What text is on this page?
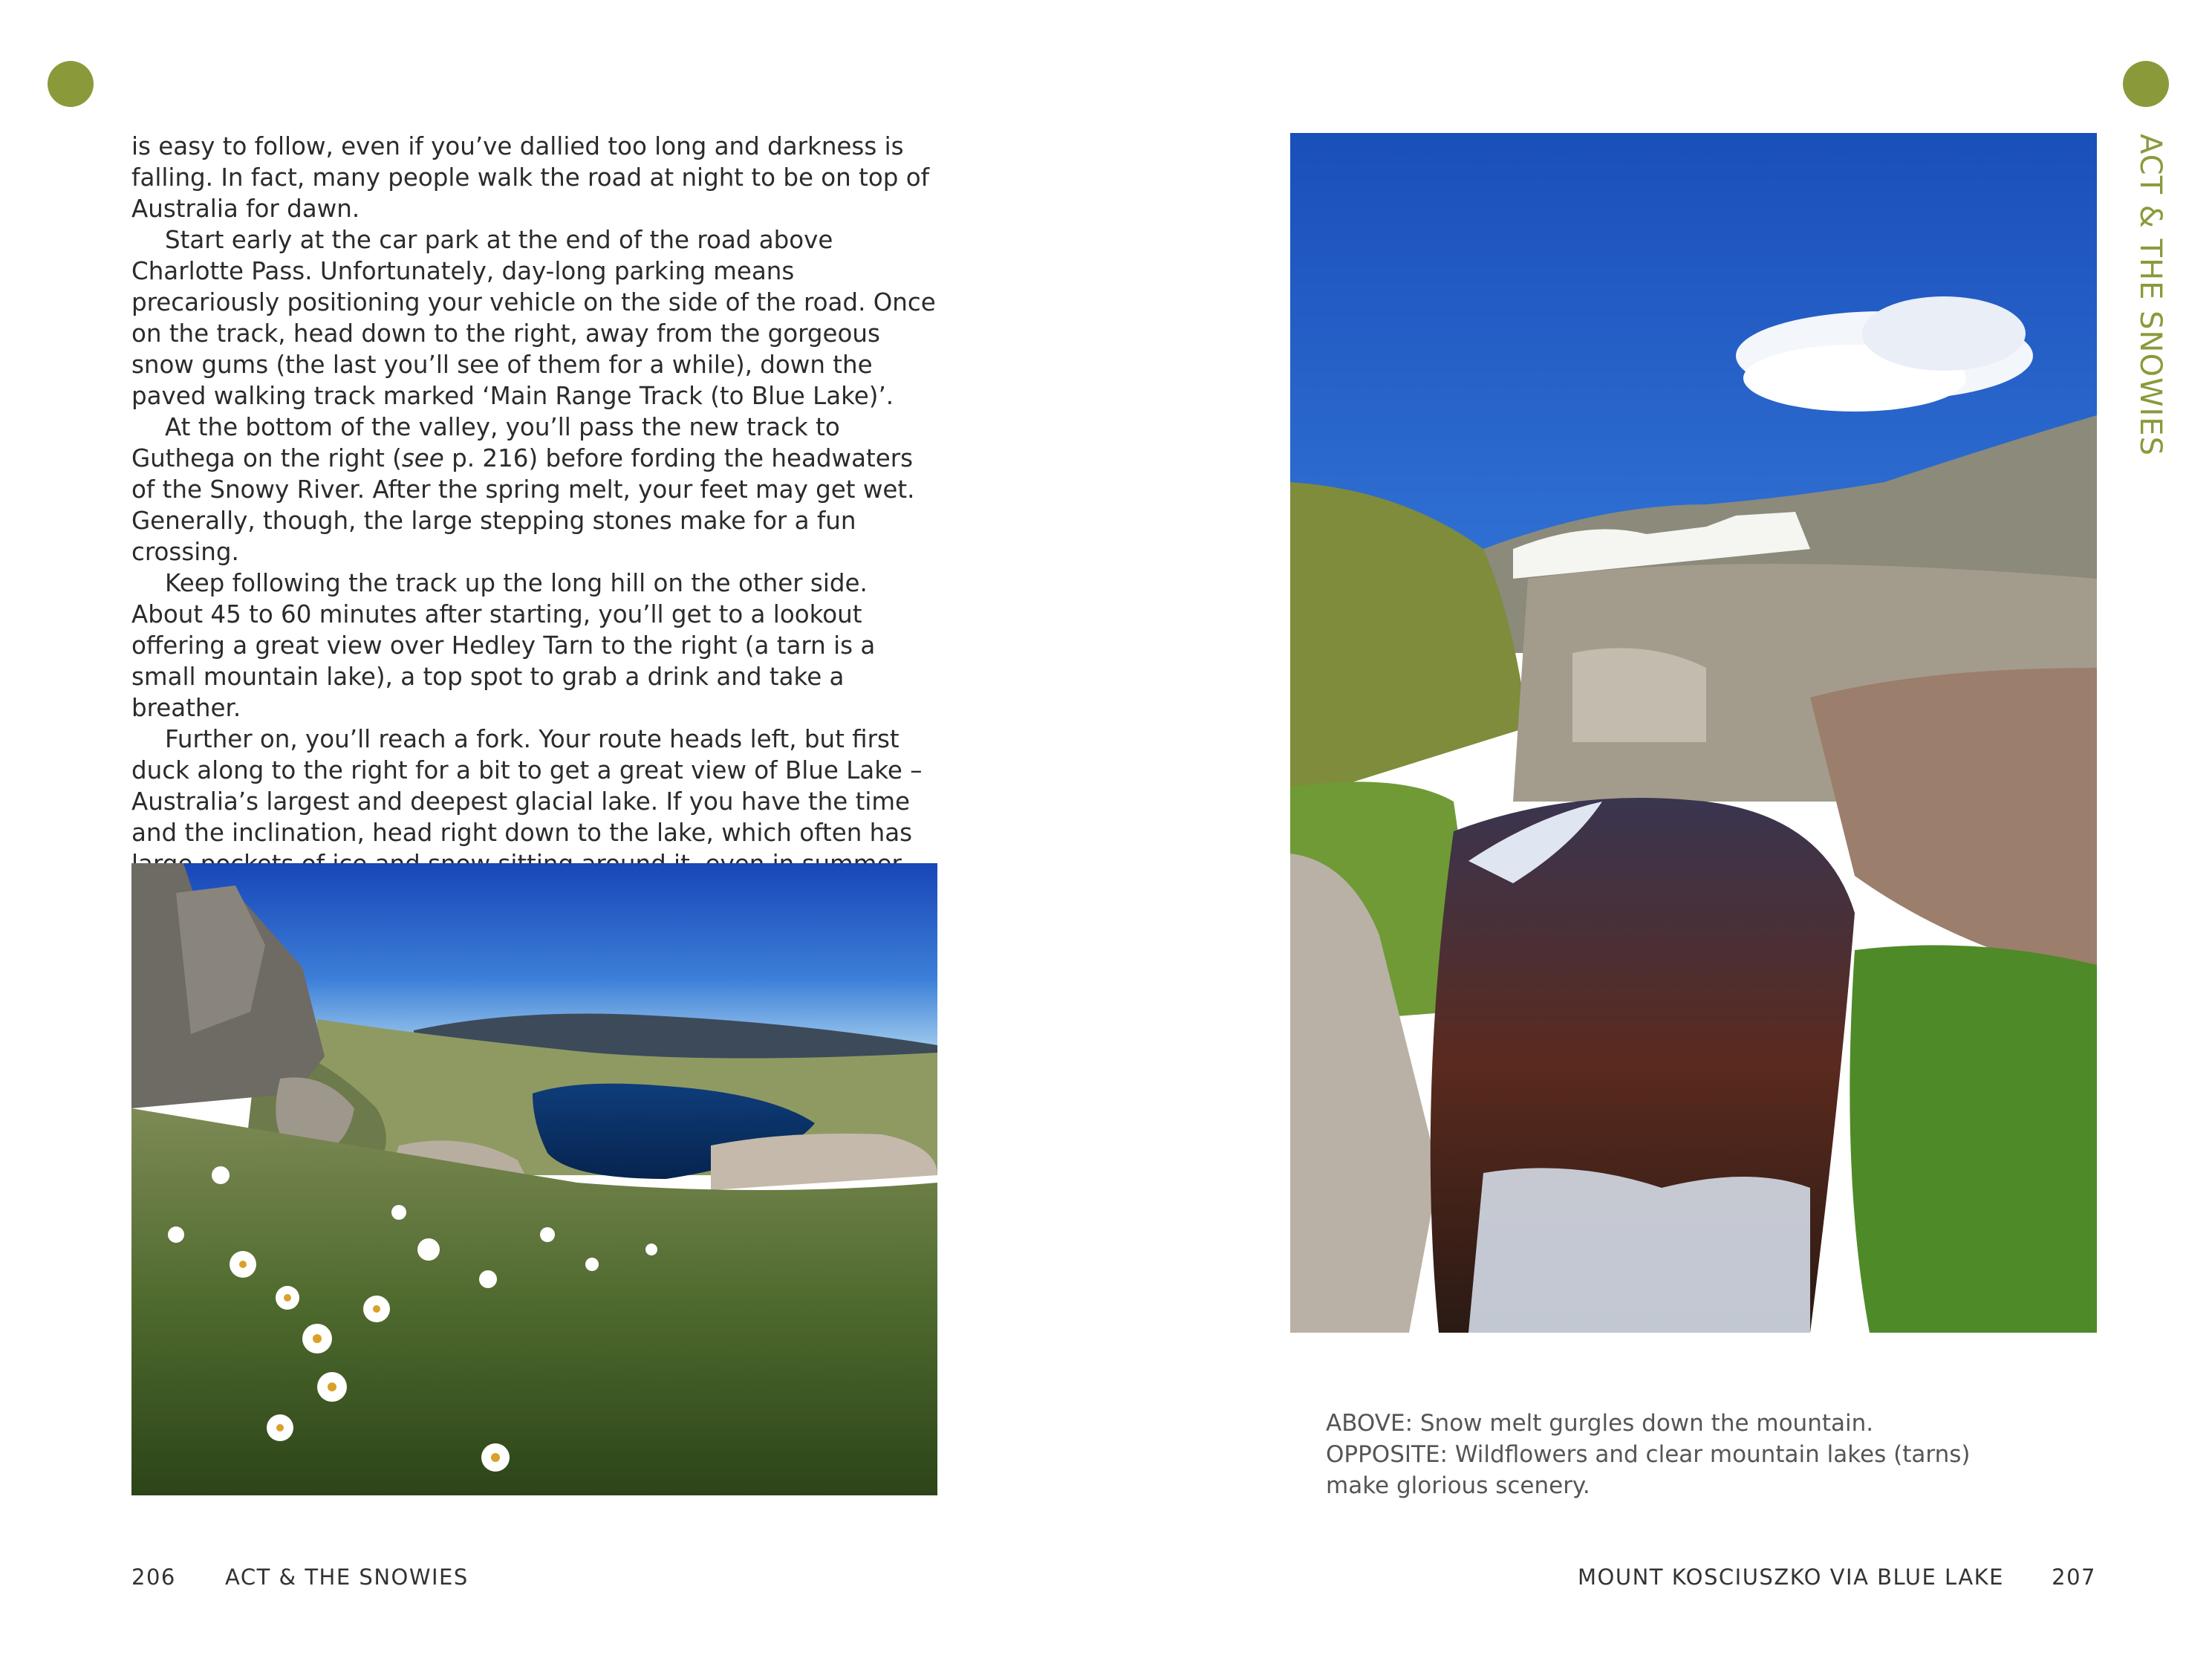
is easy to follow, even if you’ve dallied too long and darkness is falling. In fact, many people walk the road at night to be on top of Australia for dawn.

Start early at the car park at the end of the road above Charlotte Pass. Unfortunately, day-long parking means precariously positioning your vehicle on the side of the road. Once on the track, head down to the right, away from the gorgeous snow gums (the last you’ll see of them for a while), down the paved walking track marked ‘Main Range Track (to Blue Lake)’.

At the bottom of the valley, you’ll pass the new track to Guthega on the right (see p. 216) before fording the headwaters of the Snowy River. After the spring melt, your feet may get wet. Generally, though, the large stepping stones make for a fun crossing.

Keep following the track up the long hill on the other side. About 45 to 60 minutes after starting, you’ll get to a lookout offering a great view over Hedley Tarn to the right (a tarn is a small mountain lake), a top spot to grab a drink and take a breather.

Further on, you’ll reach a fork. Your route heads left, but first duck along to the right for a bit to get a great view of Blue Lake – Australia’s largest and deepest glacial lake. If you have the time and the inclination, head right down to the lake, which often has

ACT & THE SNOWIES
ABOVE: Snow melt gurgles down the mountain.
OPPOSITE: Wildflowers and clear mountain lakes (tarns) make glorious scenery.
206 ACT & THE SNOWIES	MOUNT KOSCIUSZKO VIA BLUE LAKE 207
